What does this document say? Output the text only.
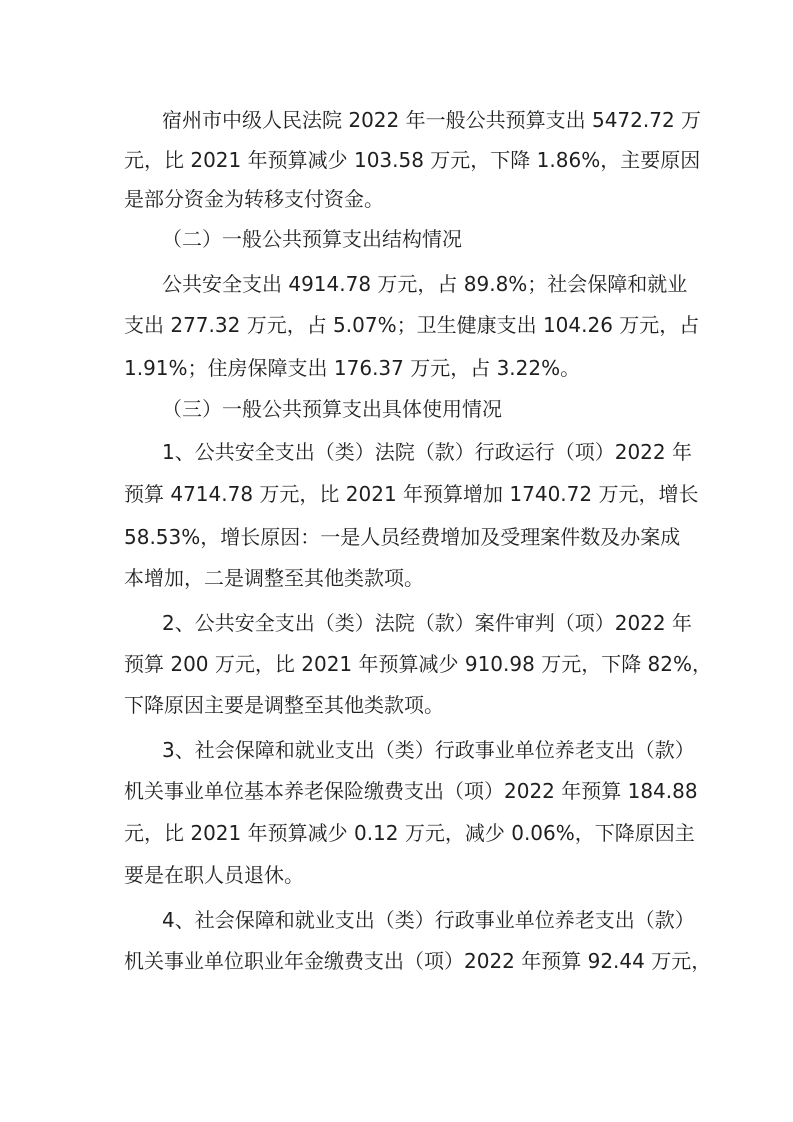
宿州市中级人民法院 2022 年一般公共预算支出 5472.72 万
元，比 2021 年预算减少 103.58 万元，下降 1.86%，主要原因
是部分资金为转移支付资金。
（二）一般公共预算支出结构情况
公共安全支出 4914.78 万元，占 89.8%；社会保障和就业
支出 277.32 万元，占 5.07%；卫生健康支出 104.26 万元，占
1.91%；住房保障支出 176.37 万元，占 3.22%。
（三）一般公共预算支出具体使用情况
1、公共安全支出（类）法院（款）行政运行（项）2022 年
预算 4714.78 万元，比 2021 年预算增加 1740.72 万元，增长
58.53%，增长原因：一是人员经费增加及受理案件数及办案成
本增加，二是调整至其他类款项。
2、公共安全支出（类）法院（款）案件审判（项）2022 年
预算 200 万元，比 2021 年预算减少 910.98 万元，下降 82%，
下降原因主要是调整至其他类款项。
3、社会保障和就业支出（类）行政事业单位养老支出（款）
机关事业单位基本养老保险缴费支出（项）2022 年预算 184.88
元，比 2021 年预算减少 0.12 万元，减少 0.06%，下降原因主
要是在职人员退休。
4、社会保障和就业支出（类）行政事业单位养老支出（款）
机关事业单位职业年金缴费支出（项）2022 年预算 92.44 万元，
